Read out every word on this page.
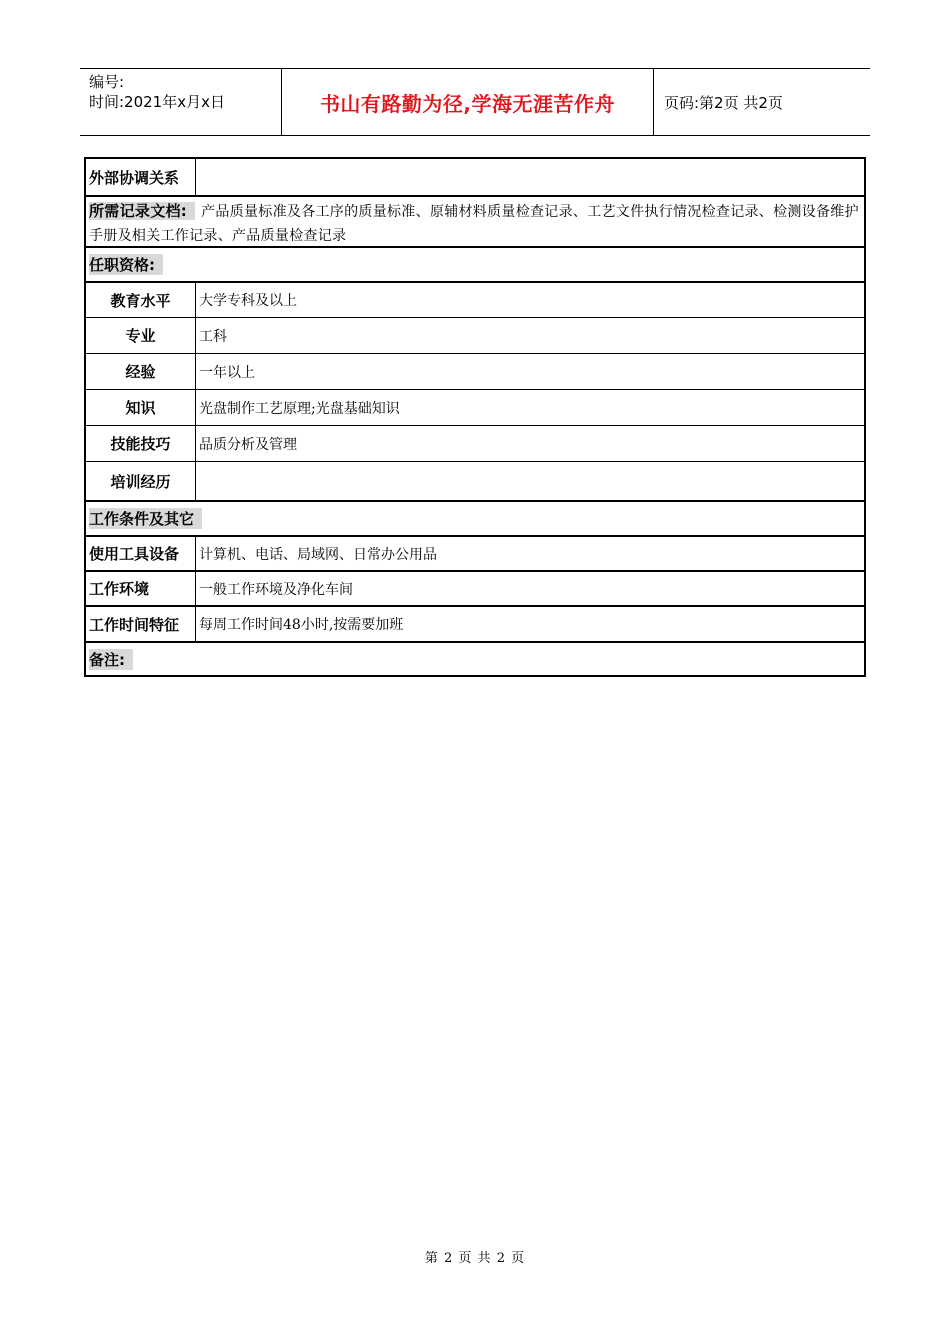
编号:
时间:2021年x月x日	书山有路勤为径,学海无涯苦作舟	页码:第2页 共2页
外部协调关系
所需记录文档: 产品质量标准及各工序的质量标准、原辅材料质量检查记录、工艺文件执行情况检查记录、检测设备维护手册及相关工作记录、产品质量检查记录
任职资格:
教育水平	大学专科及以上
专业	工科
经验	一年以上
知识	光盘制作工艺原理;光盘基础知识
技能技巧	品质分析及管理
培训经历
工作条件及其它
使用工具设备	计算机、电话、局域网、日常办公用品
工作环境	一般工作环境及净化车间
工作时间特征	每周工作时间48小时,按需要加班
备注:
第 2 页 共 2 页
